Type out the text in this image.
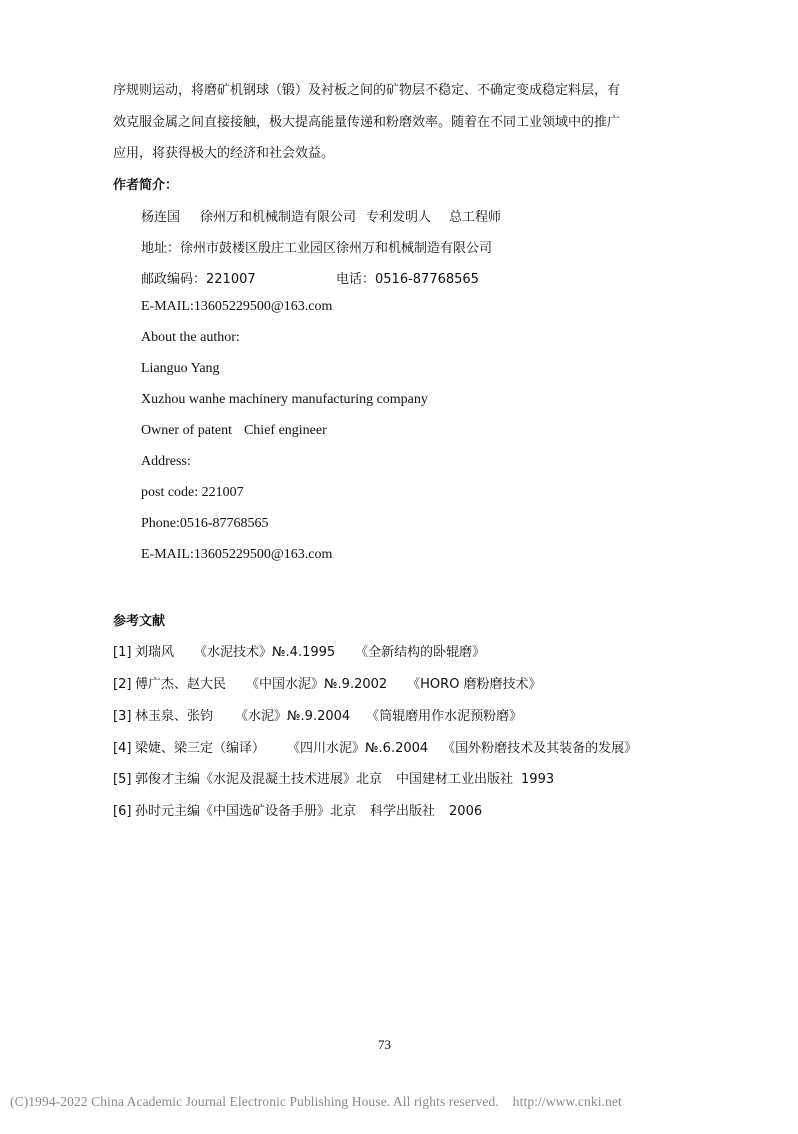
序规则运动，将磨矿机钢球（锻）及衬板之间的矿物层不稳定、不确定变成稳定料层，有
效克服金属之间直接接触，极大提高能量传递和粉磨效率。随着在不同工业领域中的推广
应用，将获得极大的经济和社会效益。
作者简介：
杨连国 徐州万和机械制造有限公司 专利发明人 总工程师
地址：徐州市鼓楼区殷庄工业园区徐州万和机械制造有限公司
邮政编码：221007	电话：0516-87768565
E-MAIL:13605229500@163.com
About the author:
Lianguo Yang
Xuzhou wanhe machinery manufacturing company
Owner of patent Chief engineer
Address:
post code: 221007
Phone:0516-87768565
E-MAIL:13605229500@163.com
参考文献
[1] 刘瑞风 《水泥技术》№.4.1995 《全新结构的卧辊磨》
[2] 傅广杰、赵大民 《中国水泥》№.9.2002 《HORO 磨粉磨技术》
[3] 林玉泉、张钧 《水泥》№.9.2004 《筒辊磨用作水泥预粉磨》
[4] 梁婕、梁三定（编译） 《四川水泥》№.6.2004 《国外粉磨技术及其装备的发展》
[5] 郭俊才主编《水泥及混凝土技术进展》北京 中国建材工业出版社 1993
[6] 孙时元主编《中国选矿设备手册》北京 科学出版社 2006
73
(C)1994-2022 China Academic Journal Electronic Publishing House. All rights reserved. http://www.cnki.net
